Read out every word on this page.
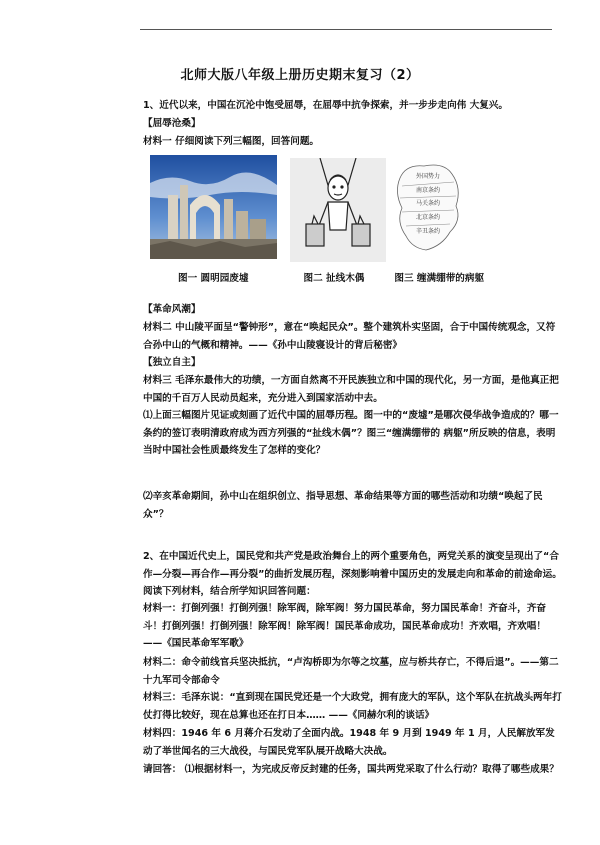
北师大版八年级上册历史期末复习（2）

1、近代以来，中国在沉沦中饱受屈辱，在屈辱中抗争探索，并一步步走向伟 大复兴。

【屈辱沧桑】

材料一 仔细阅读下列三幅图，回答问题。

外国势力
南京条约
马关条约
北京条约
辛丑条约
图一 圆明园废墟	图二 扯线木偶	图三 缠满绷带的病躯

【革命风潮】

材料二 中山陵平面呈“警钟形”，意在“唤起民众”。整个建筑朴实坚固，合于中国传统观念，又符合孙中山的气概和精神。——《孙中山陵寝设计的背后秘密》

【独立自主】

材料三 毛泽东最伟大的功绩，一方面自然离不开民族独立和中国的现代化，另一方面，是他真正把中国的千百万人民动员起来，充分进入到国家活动中去。

⑴上面三幅图片见证或刻画了近代中国的屈辱历程。图一中的“废墟”是哪次侵华战争造成的？哪一条约的签订表明清政府成为西方列强的“扯线木偶”？图三“缠满绷带的 病躯”所反映的信息，表明当时中国社会性质最终发生了怎样的变化？

⑵辛亥革命期间，孙中山在组织创立、指导思想、革命结果等方面的哪些活动和功绩“唤起了民众”？

2、在中国近代史上，国民党和共产党是政治舞台上的两个重要角色，两党关系的演变呈现出了“合作—分裂—再合作—再分裂”的曲折发展历程，深刻影响着中国历史的发展走向和革命的前途命运。阅读下列材料，结合所学知识回答问题：

材料一：打倒列强！打倒列强！除军阀，除军阀！努力国民革命，努力国民革命！齐奋斗，齐奋斗！打倒列强！打倒列强！除军阀！除军阀！国民革命成功，国民革命成功！齐欢唱，齐欢唱！ ——《国民革命军军歌》

材料二：命令前线官兵坚决抵抗，“卢沟桥即为尔等之坟墓，应与桥共存亡，不得后退”。——第二十九军司令部命令

材料三：毛泽东说：“直到现在国民党还是一个大政党，拥有庞大的军队，这个军队在抗战头两年打仗打得比较好，现在总算也还在打日本…… ——《同赫尔利的谈话》

材料四：1946 年 6 月蒋介石发动了全面内战。1948 年 9 月到 1949 年 1 月，人民解放军发动了举世闻名的三大战役，与国民党军队展开战略大决战。

请回答： ⑴根据材料一，为完成反帝反封建的任务，国共两党采取了什么行动？取得了哪些成果？
